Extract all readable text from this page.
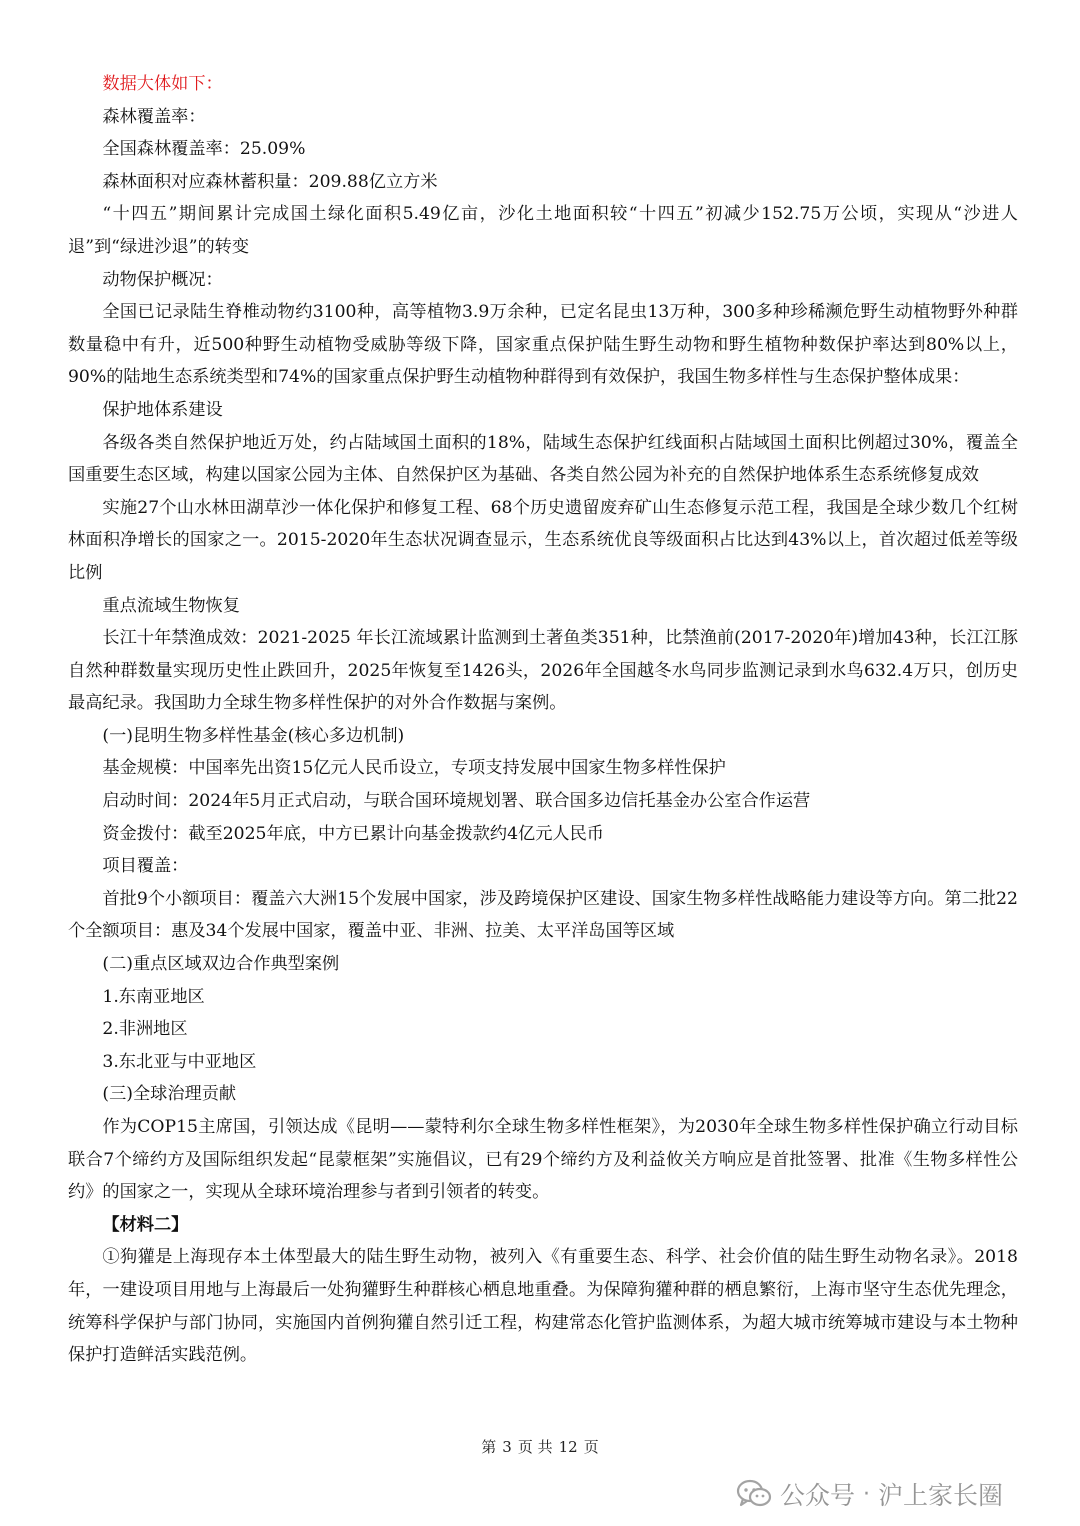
数据大体如下：

森林覆盖率：

全国森林覆盖率：25.09%

森林面积对应森林蓄积量：209.88亿立方米

“十四五”期间累计完成国土绿化面积5.49亿亩，沙化土地面积较“十四五”初减少152.75万公顷，实现从“沙进人退”到“绿进沙退”的转变

动物保护概况：

全国已记录陆生脊椎动物约3100种，高等植物3.9万余种，已定名昆虫13万种，300多种珍稀濒危野生动植物野外种群数量稳中有升，近500种野生动植物受威胁等级下降，国家重点保护陆生野生动物和野生植物种数保护率达到80%以上，90%的陆地生态系统类型和74%的国家重点保护野生动植物种群得到有效保护，我国生物多样性与生态保护整体成果：

保护地体系建设

各级各类自然保护地近万处，约占陆域国土面积的18%，陆域生态保护红线面积占陆域国土面积比例超过30%，覆盖全国重要生态区域，构建以国家公园为主体、自然保护区为基础、各类自然公园为补充的自然保护地体系生态系统修复成效

实施27个山水林田湖草沙一体化保护和修复工程、68个历史遗留废弃矿山生态修复示范工程，我国是全球少数几个红树林面积净增长的国家之一。2015-2020年生态状况调查显示，生态系统优良等级面积占比达到43%以上，首次超过低差等级比例

重点流域生物恢复

长江十年禁渔成效：2021-2025 年长江流域累计监测到土著鱼类351种，比禁渔前(2017-2020年)增加43种，长江江豚自然种群数量实现历史性止跌回升，2025年恢复至1426头，2026年全国越冬水鸟同步监测记录到水鸟632.4万只，创历史最高纪录。我国助力全球生物多样性保护的对外合作数据与案例。

(一)昆明生物多样性基金(核心多边机制)

基金规模：中国率先出资15亿元人民币设立，专项支持发展中国家生物多样性保护

启动时间：2024年5月正式启动，与联合国环境规划署、联合国多边信托基金办公室合作运营

资金拨付：截至2025年底，中方已累计向基金拨款约4亿元人民币

项目覆盖：

首批9个小额项目：覆盖六大洲15个发展中国家，涉及跨境保护区建设、国家生物多样性战略能力建设等方向。第二批22个全额项目：惠及34个发展中国家，覆盖中亚、非洲、拉美、太平洋岛国等区域

(二)重点区域双边合作典型案例

1.东南亚地区

2.非洲地区

3.东北亚与中亚地区

(三)全球治理贡献

作为COP15主席国，引领达成《昆明——蒙特利尔全球生物多样性框架》，为2030年全球生物多样性保护确立行动目标联合7个缔约方及国际组织发起“昆蒙框架”实施倡议，已有29个缔约方及利益攸关方响应是首批签署、批准《生物多样性公约》的国家之一，实现从全球环境治理参与者到引领者的转变。

【材料二】

①狗獾是上海现存本土体型最大的陆生野生动物，被列入《有重要生态、科学、社会价值的陆生野生动物名录》。2018年，一建设项目用地与上海最后一处狗獾野生种群核心栖息地重叠。为保障狗獾种群的栖息繁衍，上海市坚守生态优先理念，统筹科学保护与部门协同，实施国内首例狗獾自然引迁工程，构建常态化管护监测体系，为超大城市统筹城市建设与本土物种保护打造鲜活实践范例。

第 3 页 共 12 页
公众号 · 沪上家长圈
